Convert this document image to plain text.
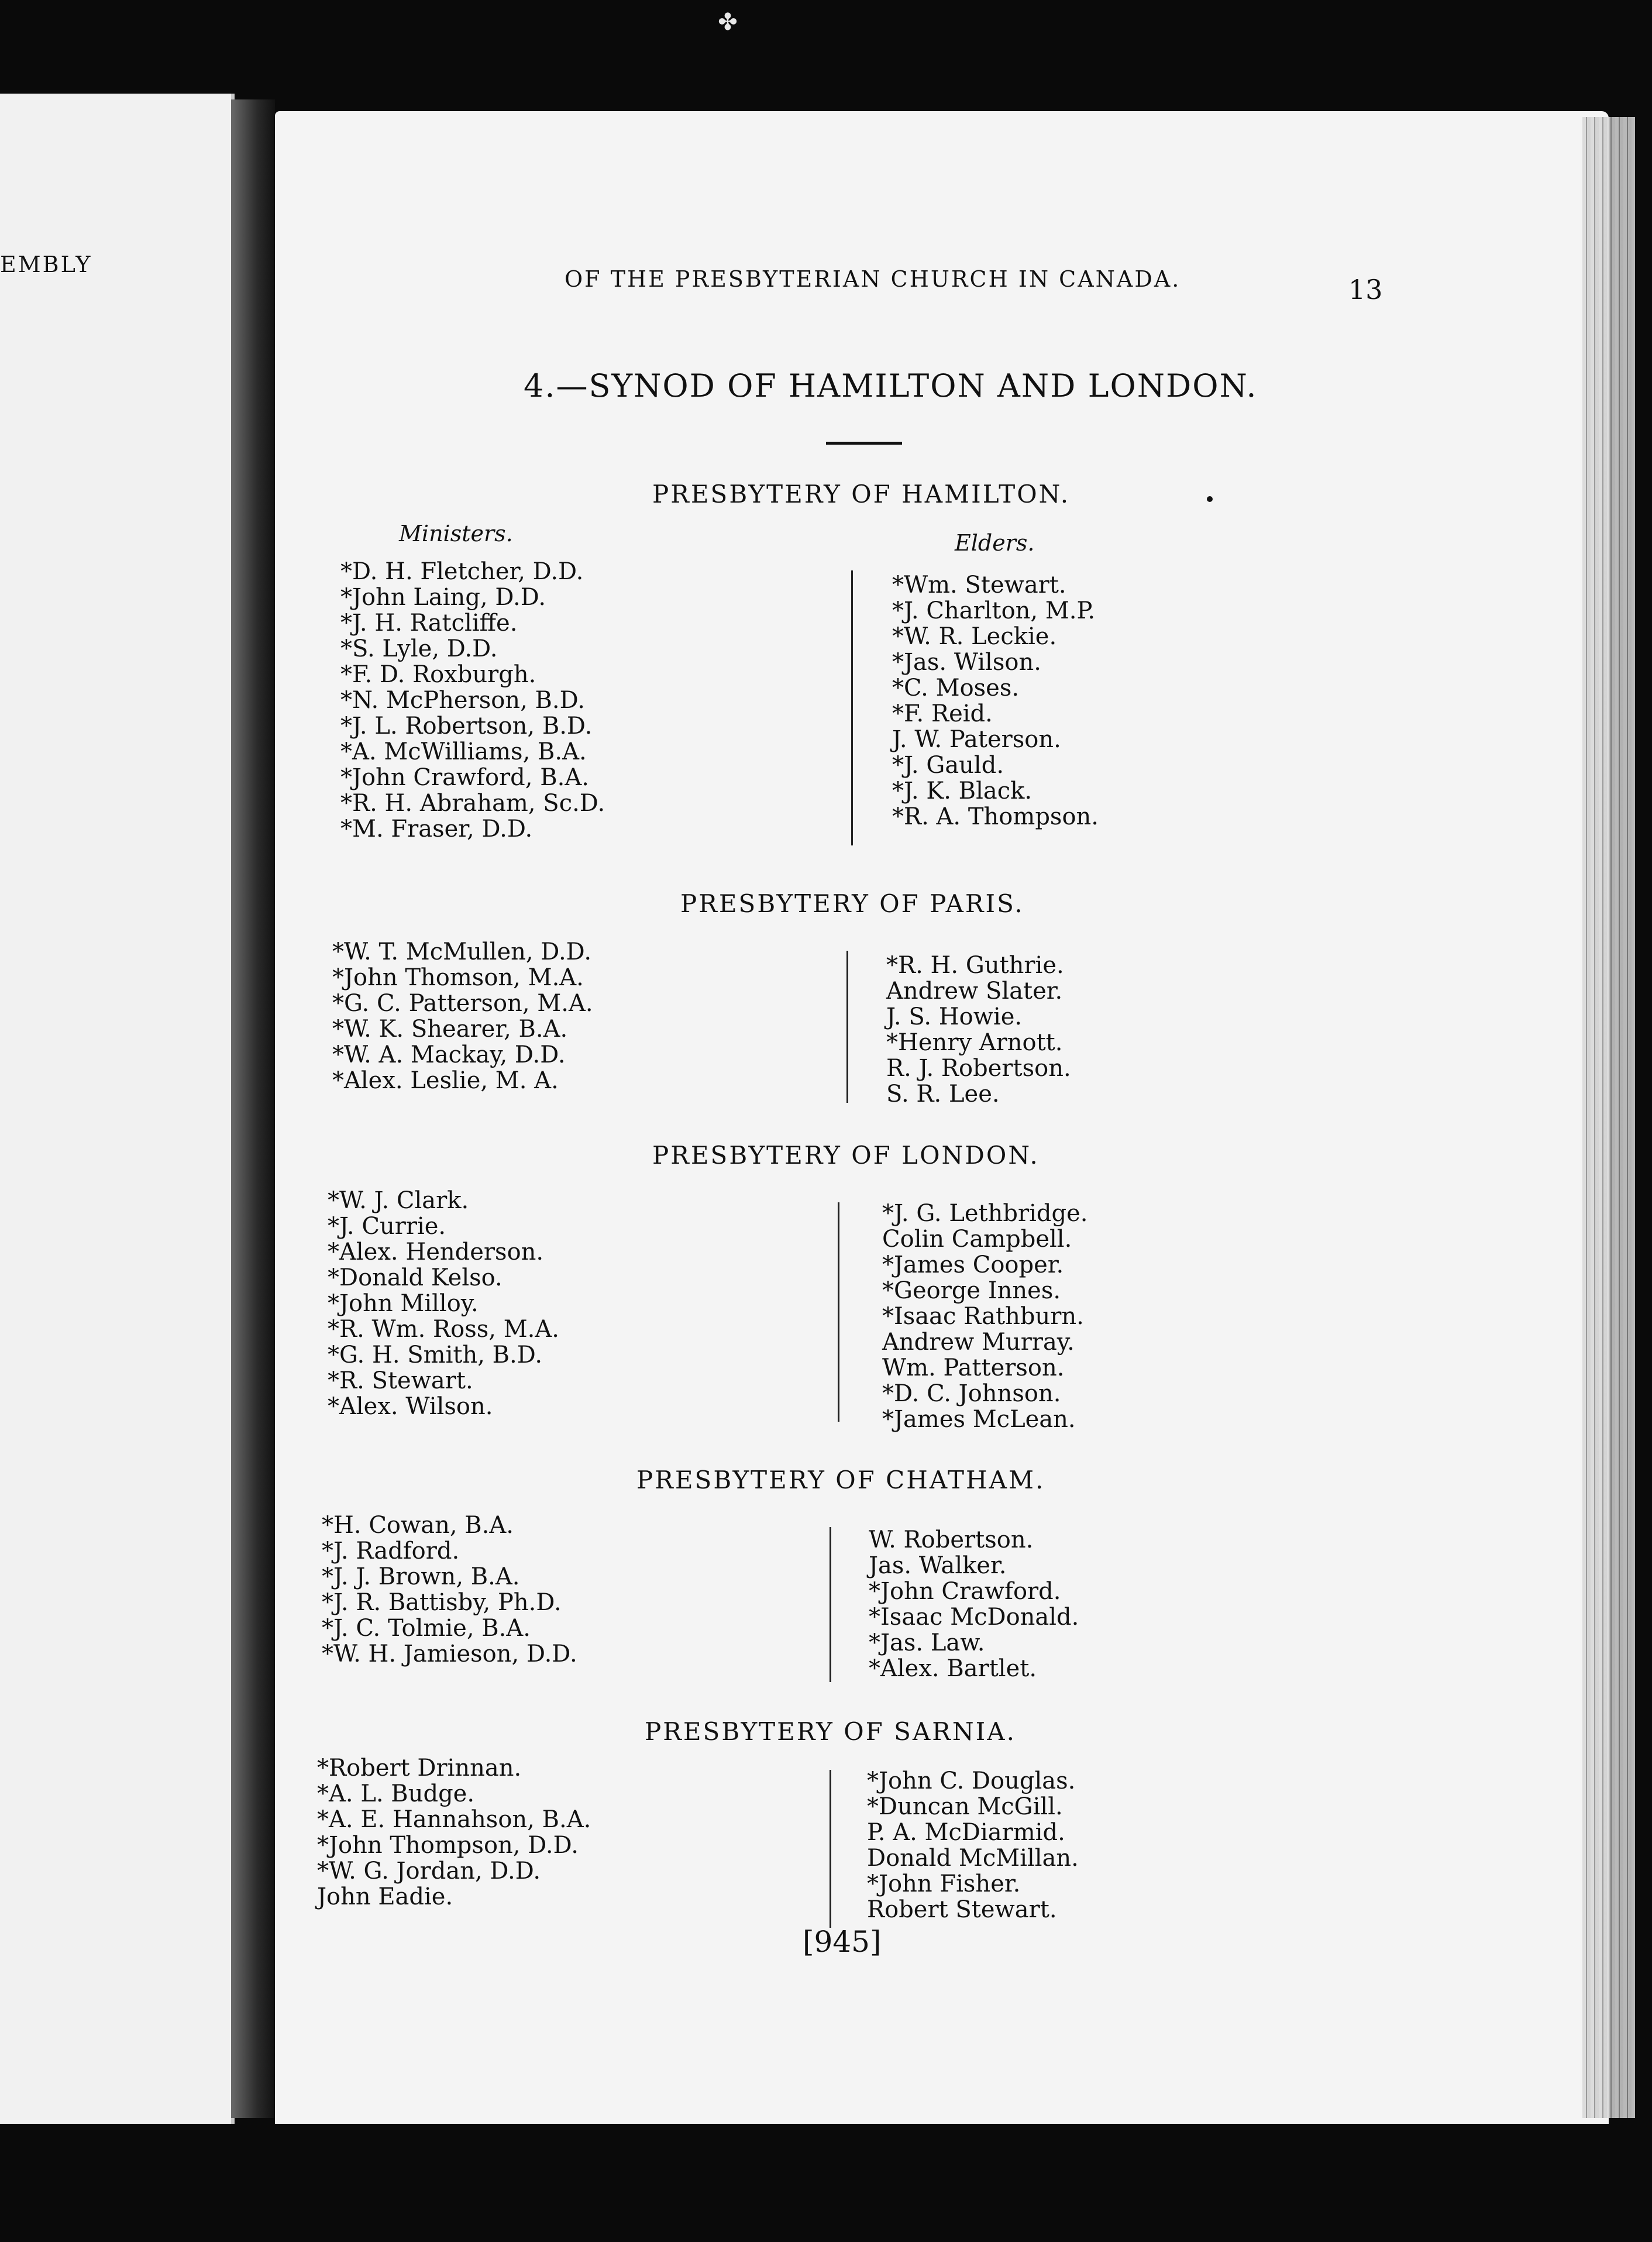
EMBLY
✤
OF THE PRESBYTERIAN CHURCH IN CANADA.	13
4.—SYNOD OF HAMILTON AND LONDON.
PRESBYTERY OF HAMILTON.
Ministers.	Elders.
*D. H. Fletcher, D.D.
*John Laing, D.D.
*J. H. Ratcliffe.
*S. Lyle, D.D.
*F. D. Roxburgh.
*N. McPherson, B.D.
*J. L. Robertson, B.D.
*A. McWilliams, B.A.
*John Crawford, B.A.
*R. H. Abraham, Sc.D.
*M. Fraser, D.D.
*Wm. Stewart.
*J. Charlton, M.P.
*W. R. Leckie.
*Jas. Wilson.
*C. Moses.
*F. Reid.
J. W. Paterson.
*J. Gauld.
*J. K. Black.
*R. A. Thompson.
PRESBYTERY OF PARIS.
*W. T. McMullen, D.D.
*John Thomson, M.A.
*G. C. Patterson, M.A.
*W. K. Shearer, B.A.
*W. A. Mackay, D.D.
*Alex. Leslie, M. A.
*R. H. Guthrie.
Andrew Slater.
J. S. Howie.
*Henry Arnott.
R. J. Robertson.
S. R. Lee.
PRESBYTERY OF LONDON.
*W. J. Clark.
*J. Currie.
*Alex. Henderson.
*Donald Kelso.
*John Milloy.
*R. Wm. Ross, M.A.
*G. H. Smith, B.D.
*R. Stewart.
*Alex. Wilson.
*J. G. Lethbridge.
Colin Campbell.
*James Cooper.
*George Innes.
*Isaac Rathburn.
Andrew Murray.
Wm. Patterson.
*D. C. Johnson.
*James McLean.
PRESBYTERY OF CHATHAM.
*H. Cowan, B.A.
*J. Radford.
*J. J. Brown, B.A.
*J. R. Battisby, Ph.D.
*J. C. Tolmie, B.A.
*W. H. Jamieson, D.D.
W. Robertson.
Jas. Walker.
*John Crawford.
*Isaac McDonald.
*Jas. Law.
*Alex. Bartlet.
PRESBYTERY OF SARNIA.
*Robert Drinnan.
*A. L. Budge.
*A. E. Hannahson, B.A.
*John Thompson, D.D.
*W. G. Jordan, D.D.
John Eadie.
*John C. Douglas.
*Duncan McGill.
P. A. McDiarmid.
Donald McMillan.
*John Fisher.
Robert Stewart.
[945]
